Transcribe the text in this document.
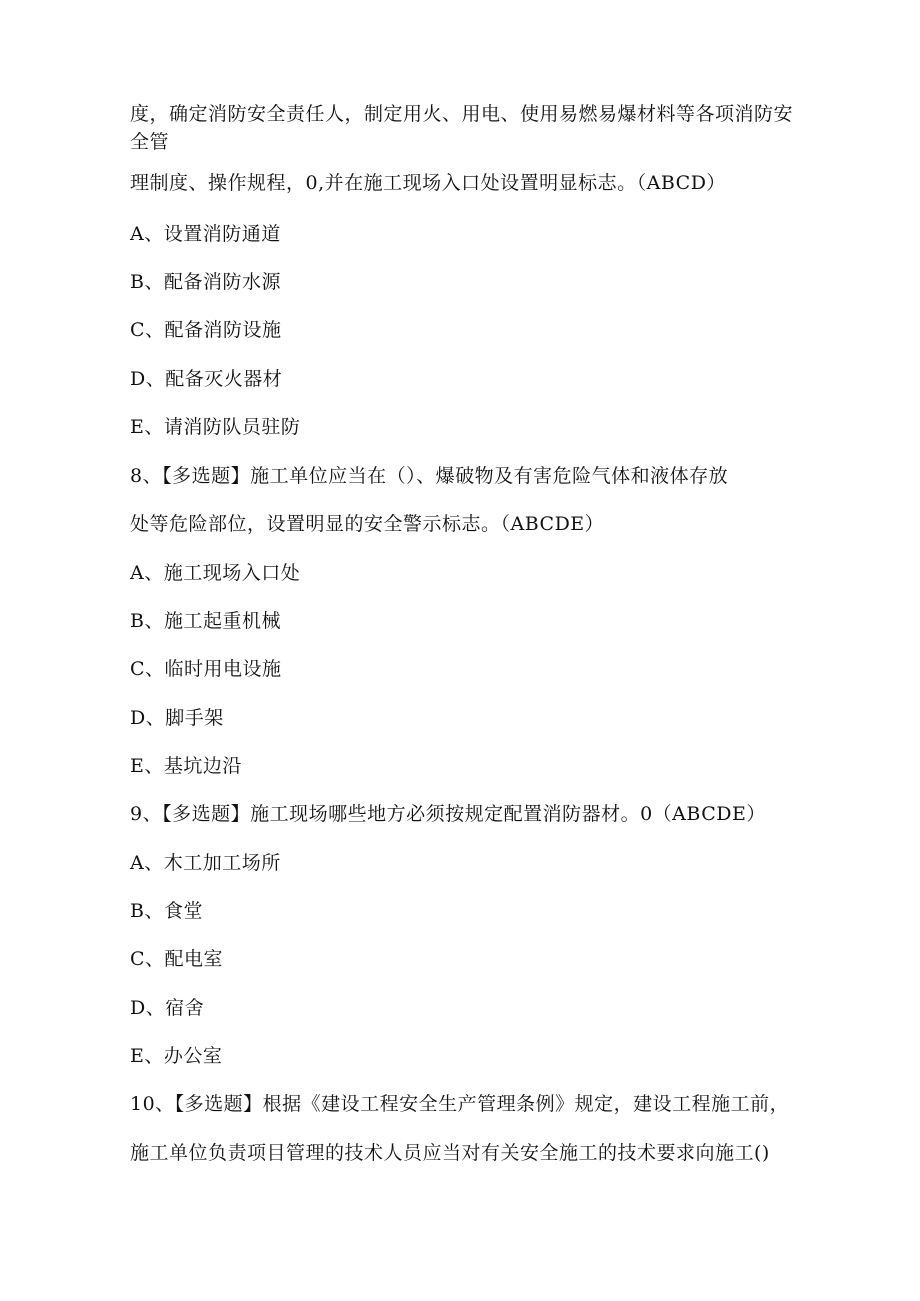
度，确定消防安全责任人，制定用火、用电、使用易燃易爆材料等各项消防安全管
理制度、操作规程，0,并在施工现场入口处设置明显标志。（ABCD）
A、设置消防通道
B、配备消防水源
C、配备消防设施
D、配备灭火器材
E、请消防队员驻防
8、【多选题】施工单位应当在（）、爆破物及有害危险气体和液体存放
处等危险部位，设置明显的安全警示标志。（ABCDE）
A、施工现场入口处
B、施工起重机械
C、临时用电设施
D、脚手架
E、基坑边沿
9、【多选题】施工现场哪些地方必须按规定配置消防器材。0（ABCDE）
A、木工加工场所
B、食堂
C、配电室
D、宿舍
E、办公室
10、【多选题】根据《建设工程安全生产管理条例》规定，建设工程施工前，
施工单位负责项目管理的技术人员应当对有关安全施工的技术要求向施工()
